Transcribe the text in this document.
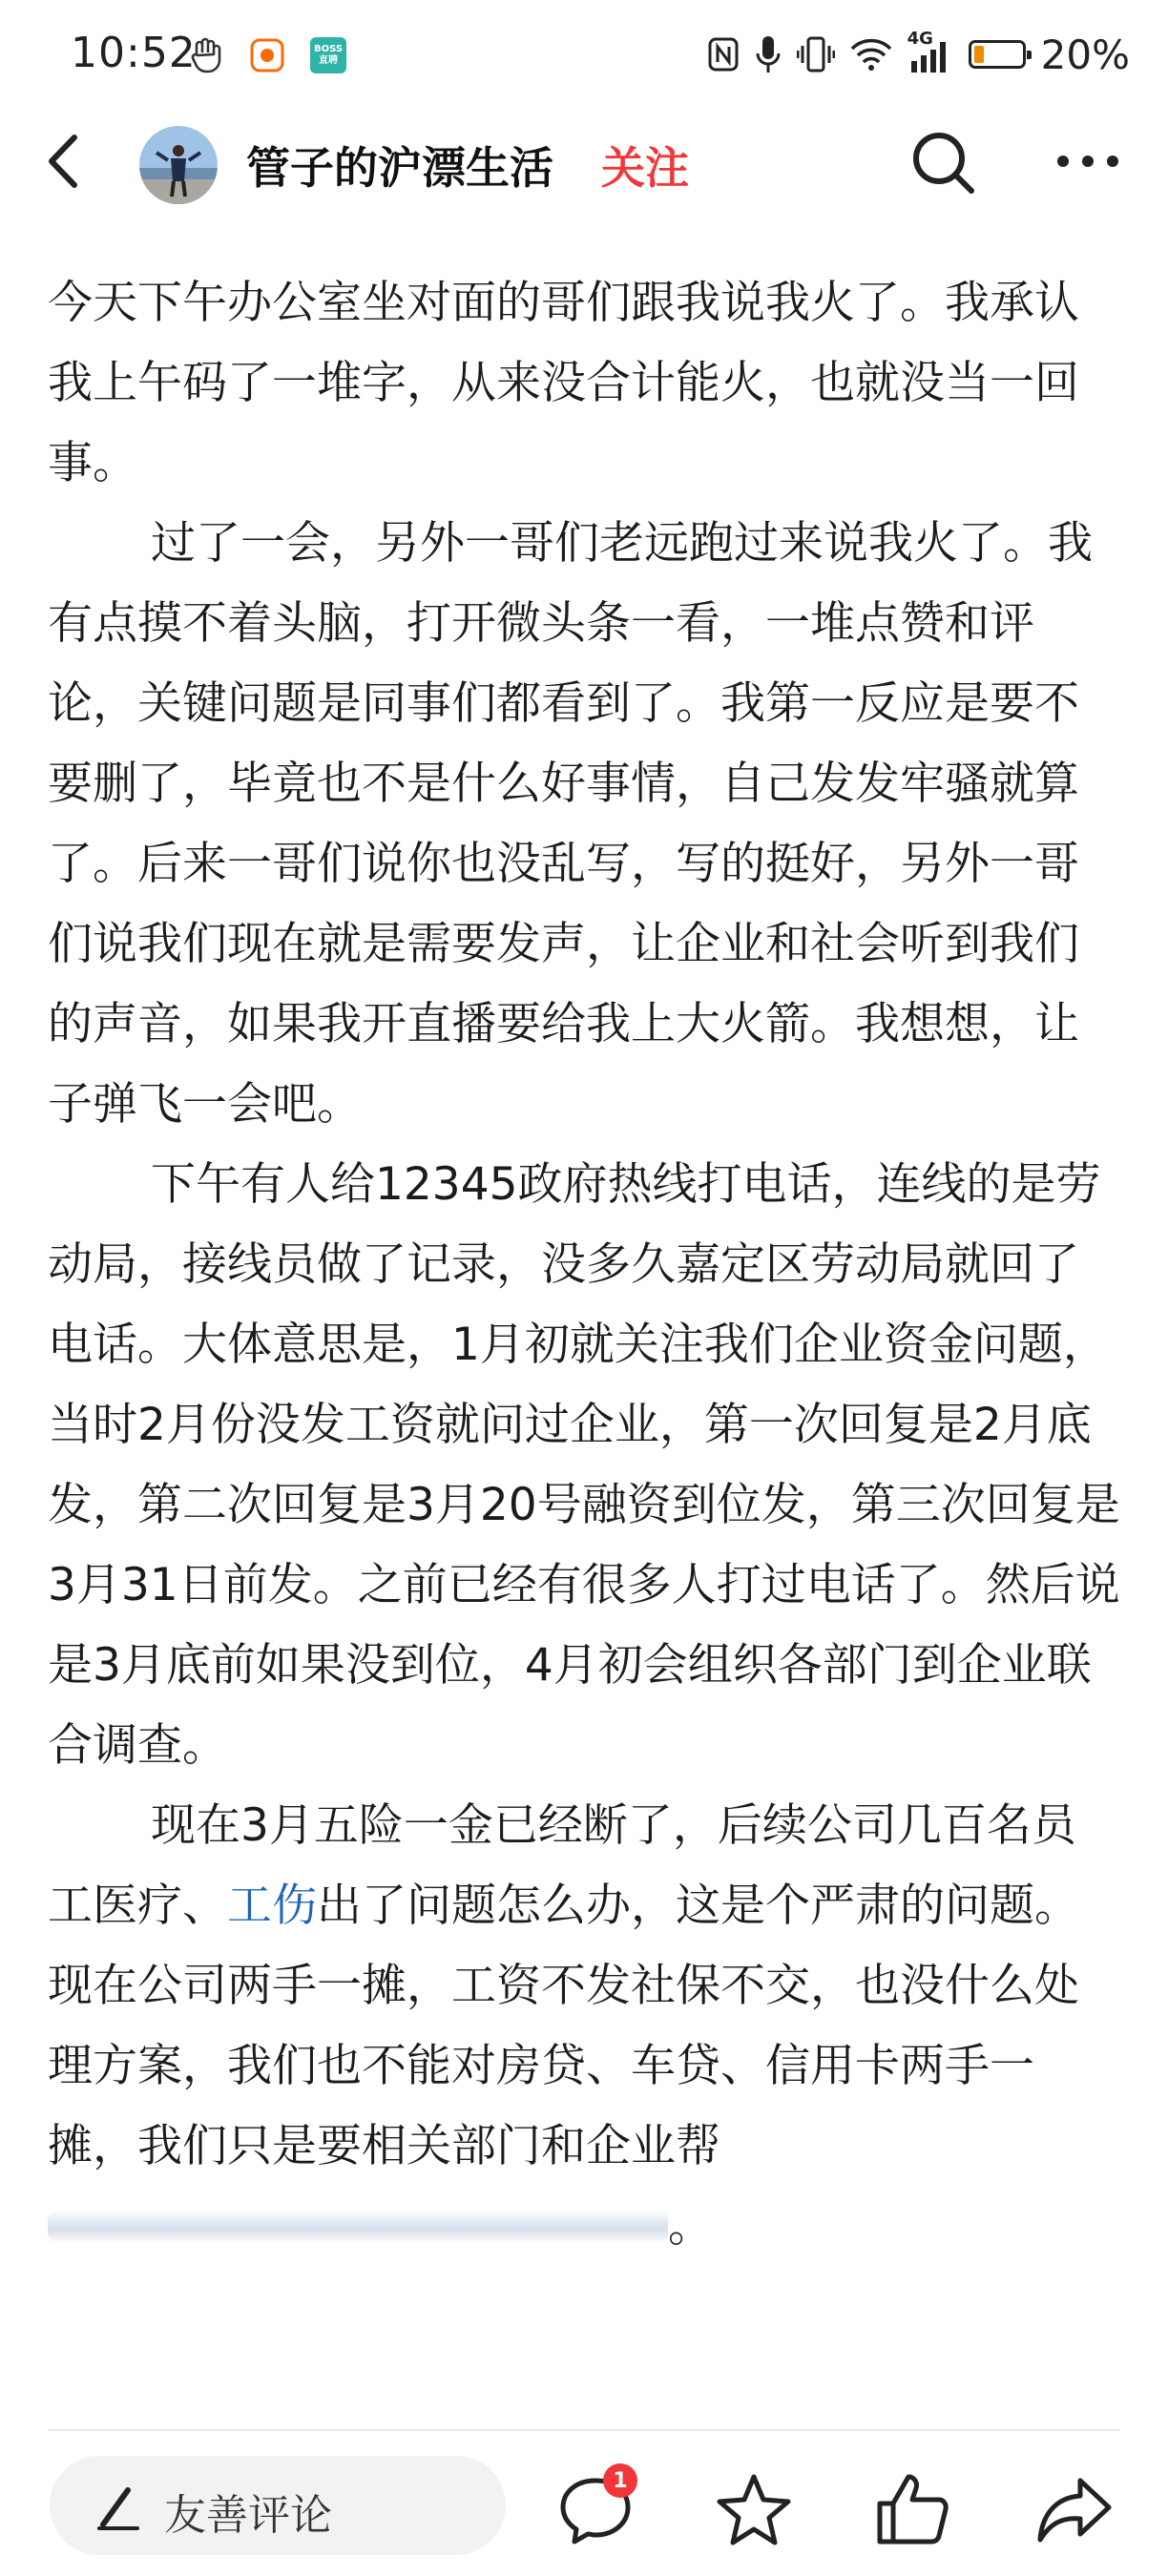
10:52	BOSS
直聘
4G	20%
管子的沪漂生活 关注

今天下午办公室坐对面的哥们跟我说我火了。我承认我上午码了一堆字，从来没合计能火，也就没当一回事。

过了一会，另外一哥们老远跑过来说我火了。我有点摸不着头脑，打开微头条一看，一堆点赞和评论，关键问题是同事们都看到了。我第一反应是要不要删了，毕竟也不是什么好事情，自己发发牢骚就算了。后来一哥们说你也没乱写，写的挺好，另外一哥们说我们现在就是需要发声，让企业和社会听到我们的声音，如果我开直播要给我上大火箭。我想想，让子弹飞一会吧。

下午有人给12345政府热线打电话，连线的是劳动局，接线员做了记录，没多久嘉定区劳动局就回了电话。大体意思是，1月初就关注我们企业资金问题，当时2月份没发工资就问过企业，第一次回复是2月底发，第二次回复是3月20号融资到位发，第三次回复是3月31日前发。之前已经有很多人打过电话了。然后说是3月底前如果没到位，4月初会组织各部门到企业联合调查。

现在3月五险一金已经断了，后续公司几百名员工医疗、工伤出了问题怎么办，这是个严肃的问题。现在公司两手一摊，工资不发社保不交，也没什么处理方案，我们也不能对房贷、车贷、信用卡两手一摊，我们只是要相关部门和企业帮。

友善评论
1
